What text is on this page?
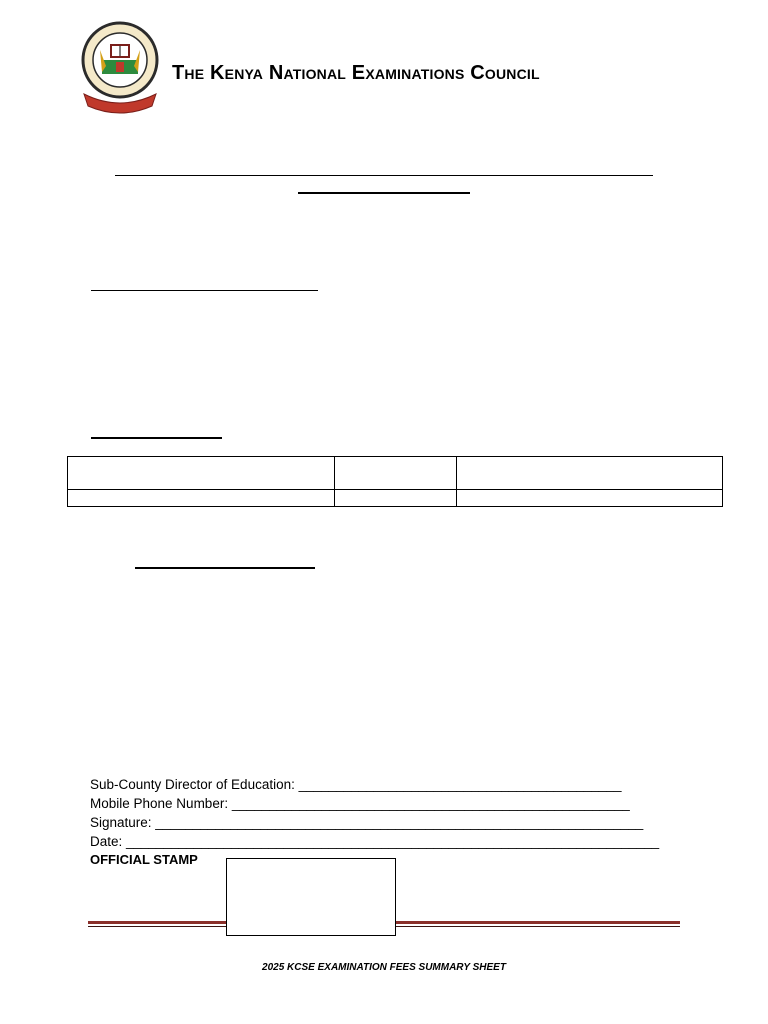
The Kenya National Examinations Council

Sub-County Director of Education: ___________________________________________
Mobile Phone Number: _____________________________________________________
Signature: _________________________________________________________________
Date: _______________________________________________________________________
OFFICIAL STAMP
2025 KCSE EXAMINATION FEES SUMMARY SHEET
